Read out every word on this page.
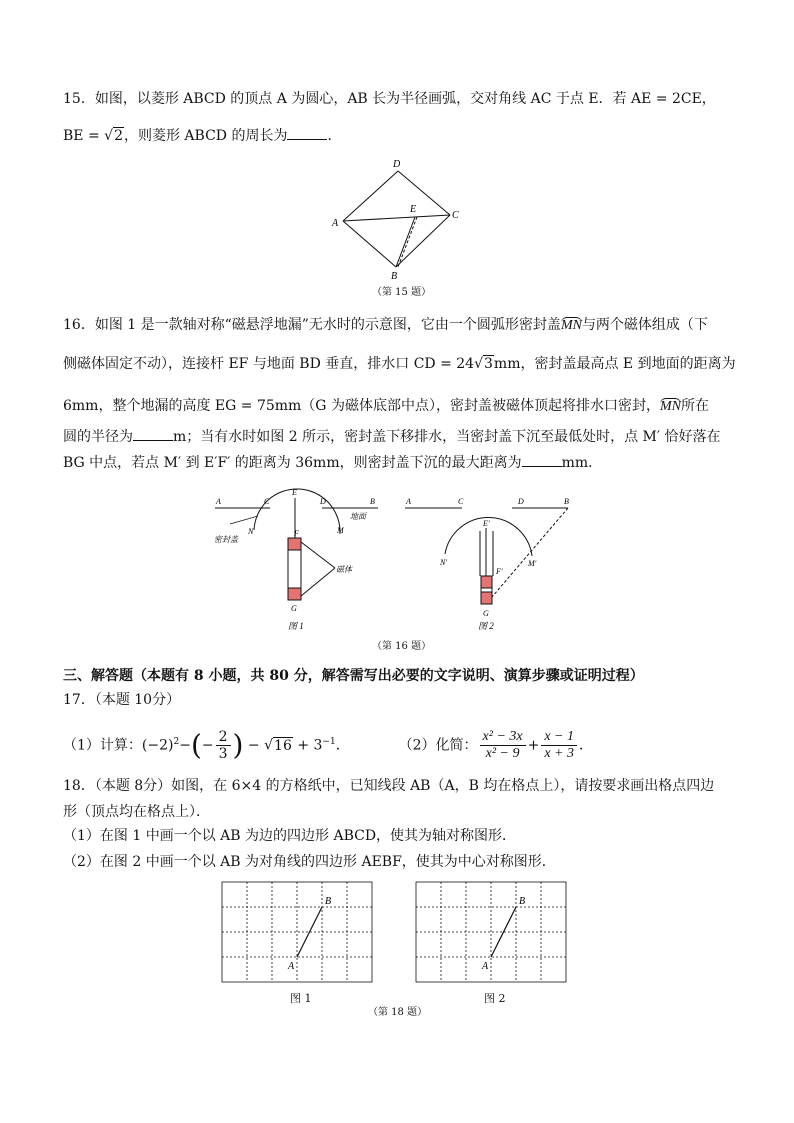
15．如图，以菱形 ABCD 的顶点 A 为圆心，AB 长为半径画弧，交对角线 AC 于点 E．若 AE = 2CE，
BE = √2，则菱形 ABCD 的周长为	．
D
A
E
C
B
（第 15 题）
16．如图 1 是一款轴对称“磁悬浮地漏”无水时的示意图，它由一个圆弧形密封盖MN与两个磁体组成（下
侧磁体固定不动），连接杆 EF 与地面 BD 垂直，排水口 CD = 24√3mm，密封盖最高点 E 到地面的距离为
6mm，整个地漏的高度 EG = 75mm（G 为磁体底部中点），密封盖被磁体顶起将排水口密封，MN所在
圆的半径为	m；当有水时如图 2 所示，密封盖下移排水，当密封盖下沉至最低处时，点 M′ 恰好落在
BG 中点，若点 M′ 到 E′F′ 的距离为 36mm，则密封盖下沉的最大距离为	mm．
A	C
E
D	B
地面
密封盖
N	M
F
磁体
G
图 1
A	C	D	B
E′
N′
F′
M′
G
图 2
（第 16 题）
三、解答题（本题有 8 小题，共 80 分，解答需写出必要的文字说明、演算步骤或证明过程）
17．（本题 10分）
（1）计算：$(-2)^2-(- \frac{2}{3}$ ) − $√16 + 3^{-1}$．	（2）化简： $\frac{\text{x² − 3x}}{\text{x² − 9}} + \frac{x - 1}{x + 3}$ ．
18．（本题 8分）如图，在 6×4 的方格纸中，已知线段 AB（A，B 均在格点上），请按要求画出格点四边
形（顶点均在格点上）．
（1）在图 1 中画一个以 AB 为边的四边形 ABCD，使其为轴对称图形．
（2）在图 2 中画一个以 AB 为对角线的四边形 AEBF，使其为中心对称图形．
A
B
图 1
A
B
图 2
（第 18 题）
